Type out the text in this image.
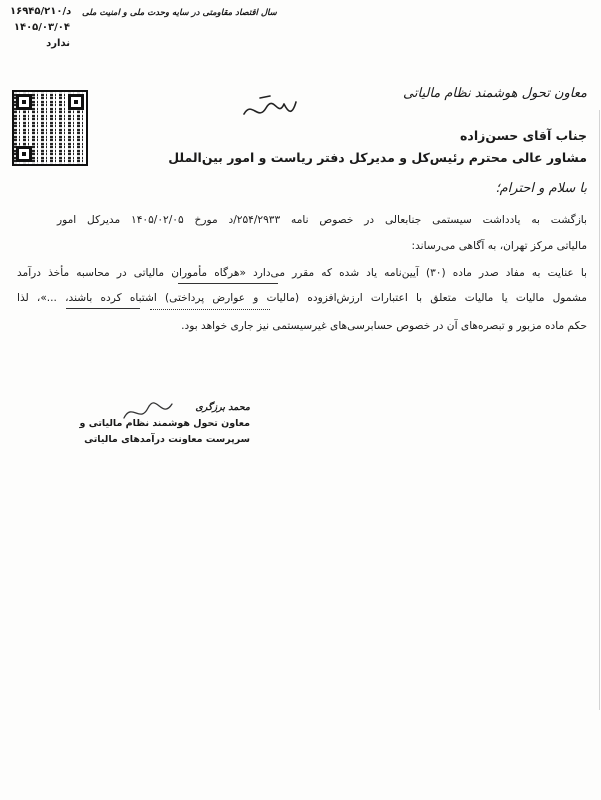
۱۶۹۴۵/۲۱۰/د
۱۴۰۵/۰۳/۰۴
ندارد
سال اقتصاد مقاومتی در سایه وحدت ملی و امنیت ملی
معاون تحول هوشمند نظام مالیاتی
جناب آقای حسن‌زاده
مشاور عالی محترم رئیس‌کل و مدیرکل دفتر ریاست و امور بین‌الملل
با سلام و احترام؛
بازگشت به یادداشت سیستمی جنابعالی در خصوص نامه ۲۵۴/۲۹۳۳/د مورخ ۱۴۰۵/۰۲/۰۵ مدیرکل امور
مالیاتی مرکز تهران، به آگاهی می‌رساند:
با عنایت به مفاد صدر ماده (۳۰) آیین‌نامه یاد شده که مقرر می‌دارد «هرگاه مأموران مالیاتی در محاسبه مأخذ درآمد
مشمول مالیات یا مالیات متعلق با اعتبارات ارزش‌افزوده (مالیات و عوارض پرداختی) اشتباه کرده باشند، ...»، لذا
حکم ماده مزبور و تبصره‌های آن در خصوص حسابرسی‌های غیرسیستمی نیز جاری خواهد بود.
محمد برزگری
معاون تحول هوشمند نظام مالیاتی و
سرپرست معاونت درآمدهای مالیاتی
